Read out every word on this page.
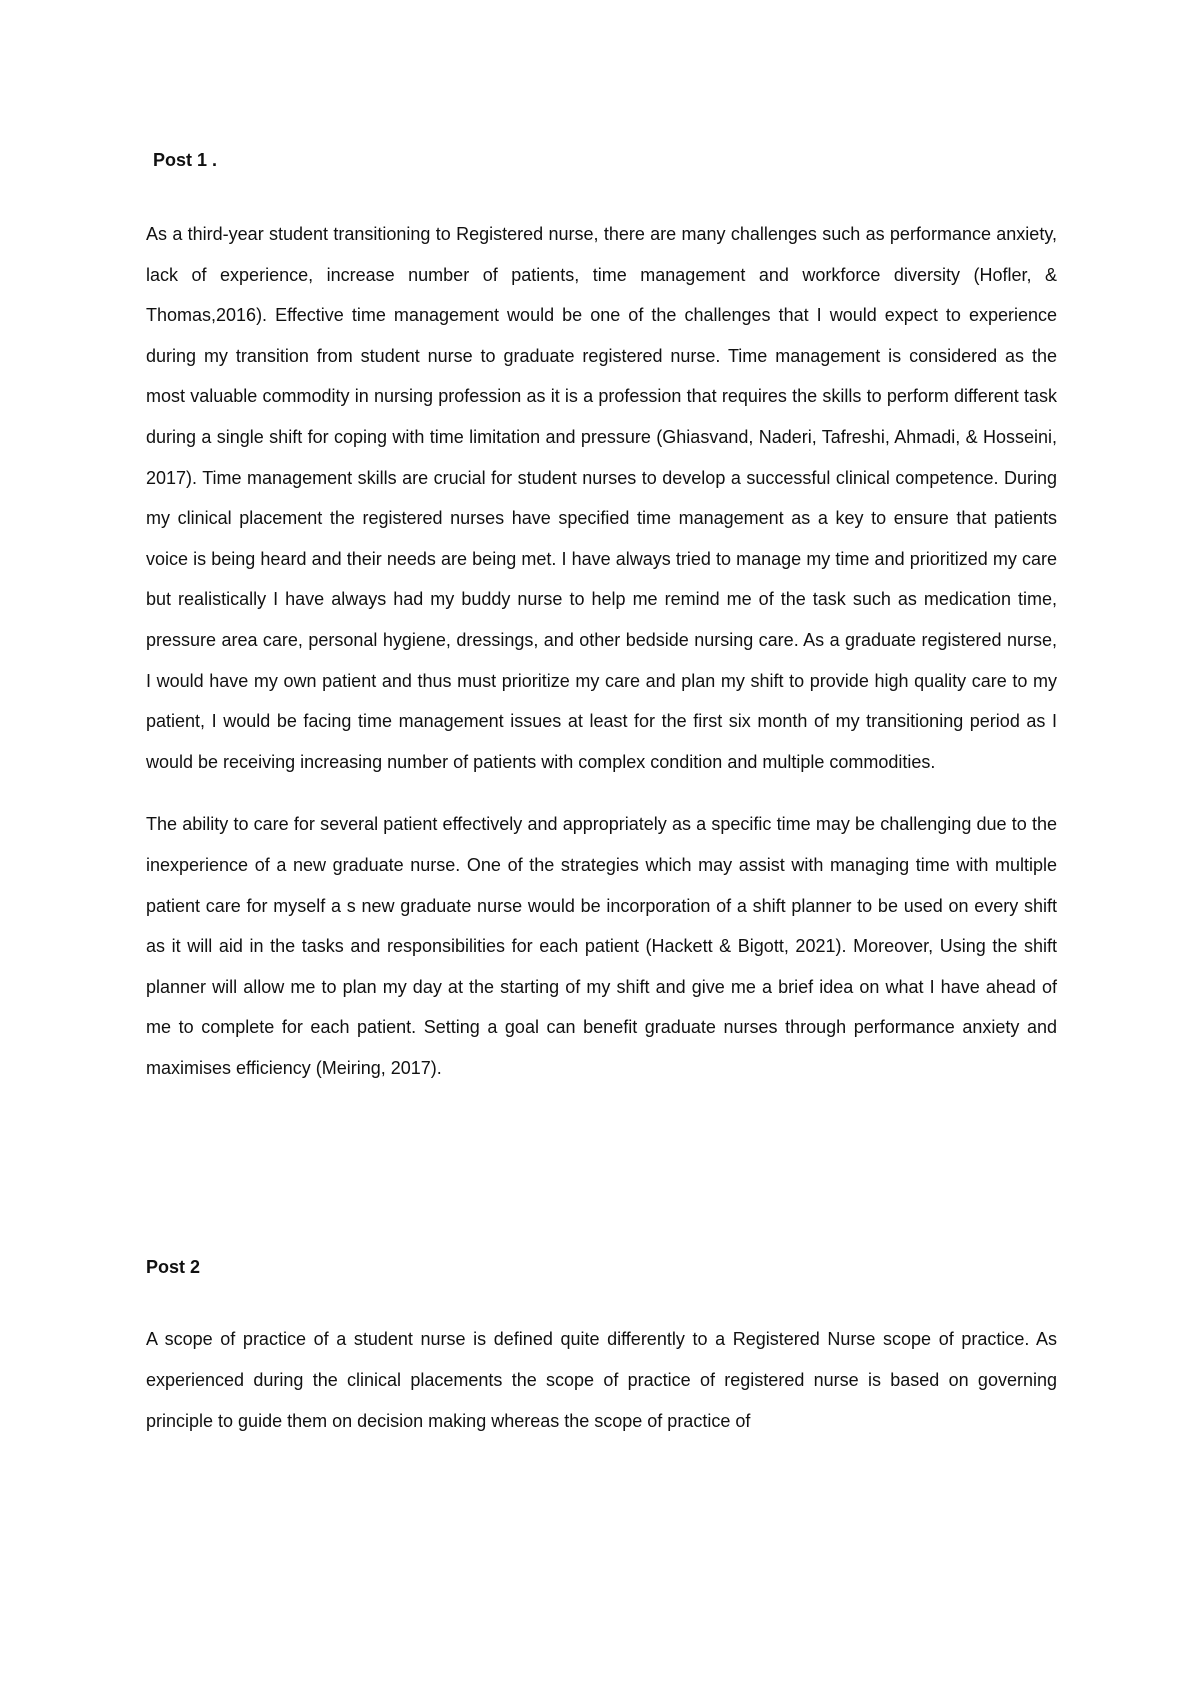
Post 1 .

As a third-year student transitioning to Registered nurse, there are many challenges such as performance anxiety, lack of experience, increase number of patients, time management and workforce diversity (Hofler, & Thomas,2016). Effective time management would be one of the challenges that I would expect to experience during my transition from student nurse to graduate registered nurse. Time management is considered as the most valuable commodity in nursing profession as it is a profession that requires the skills to perform different task during a single shift for coping with time limitation and pressure (Ghiasvand, Naderi, Tafreshi, Ahmadi, & Hosseini, 2017). Time management skills are crucial for student nurses to develop a successful clinical competence. During my clinical placement the registered nurses have specified time management as a key to ensure that patients voice is being heard and their needs are being met. I have always tried to manage my time and prioritized my care but realistically I have always had my buddy nurse to help me remind me of the task such as medication time, pressure area care, personal hygiene, dressings, and other bedside nursing care. As a graduate registered nurse, I would have my own patient and thus must prioritize my care and plan my shift to provide high quality care to my patient, I would be facing time management issues at least for the first six month of my transitioning period as I would be receiving increasing number of patients with complex condition and multiple commodities.

The ability to care for several patient effectively and appropriately as a specific time may be challenging due to the inexperience of a new graduate nurse. One of the strategies which may assist with managing time with multiple patient care for myself a s new graduate nurse would be incorporation of a shift planner to be used on every shift as it will aid in the tasks and responsibilities for each patient (Hackett & Bigott, 2021). Moreover, Using the shift planner will allow me to plan my day at the starting of my shift and give me a brief idea on what I have ahead of me to complete for each patient. Setting a goal can benefit graduate nurses through performance anxiety and maximises efficiency (Meiring, 2017).

Post 2

A scope of practice of a student nurse is defined quite differently to a Registered Nurse scope of practice. As experienced during the clinical placements the scope of practice of registered nurse is based on governing principle to guide them on decision making whereas the scope of practice of
